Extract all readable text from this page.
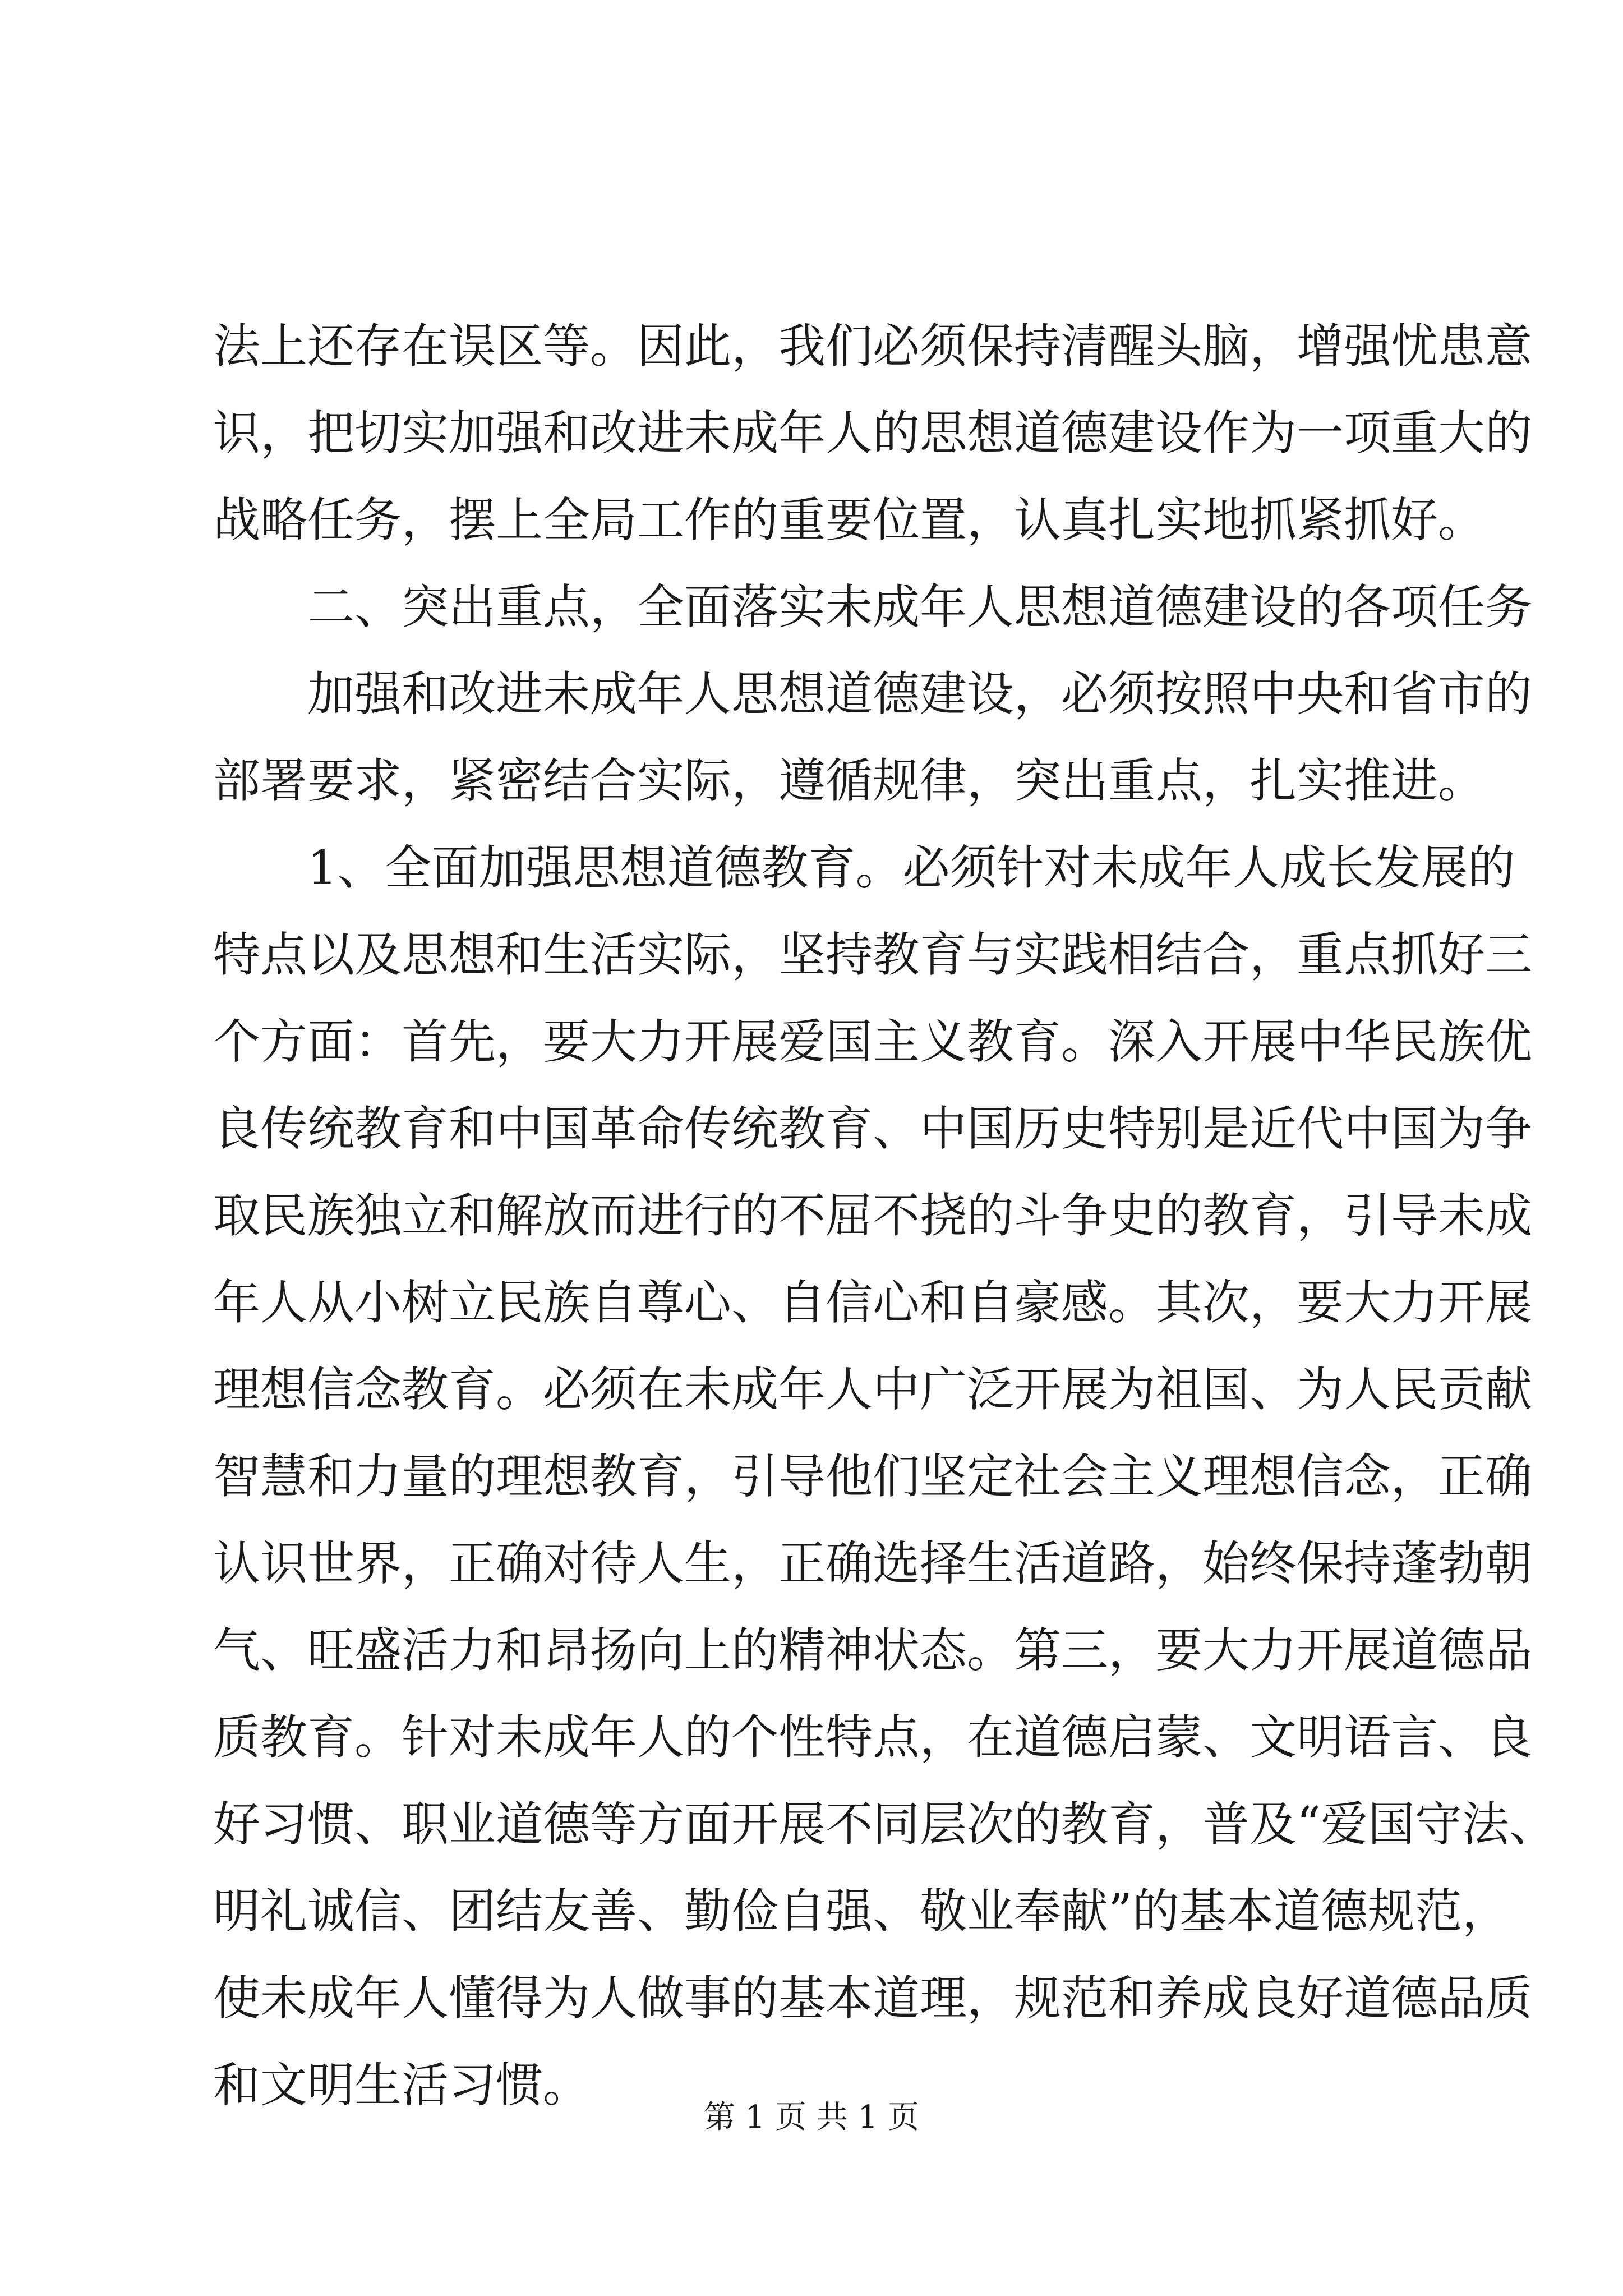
法上还存在误区等。因此，我们必须保持清醒头脑，增强忧患意
识，把切实加强和改进未成年人的思想道德建设作为一项重大的
战略任务，摆上全局工作的重要位置，认真扎实地抓紧抓好。
二、突出重点，全面落实未成年人思想道德建设的各项任务
加强和改进未成年人思想道德建设，必须按照中央和省市的
部署要求，紧密结合实际，遵循规律，突出重点，扎实推进。
1、全面加强思想道德教育。必须针对未成年人成长发展的
特点以及思想和生活实际，坚持教育与实践相结合，重点抓好三
个方面：首先，要大力开展爱国主义教育。深入开展中华民族优
良传统教育和中国革命传统教育、中国历史特别是近代中国为争
取民族独立和解放而进行的不屈不挠的斗争史的教育，引导未成
年人从小树立民族自尊心、自信心和自豪感。其次，要大力开展
理想信念教育。必须在未成年人中广泛开展为祖国、为人民贡献
智慧和力量的理想教育，引导他们坚定社会主义理想信念，正确
认识世界，正确对待人生，正确选择生活道路，始终保持蓬勃朝
气、旺盛活力和昂扬向上的精神状态。第三，要大力开展道德品
质教育。针对未成年人的个性特点，在道德启蒙、文明语言、良
好习惯、职业道德等方面开展不同层次的教育，普及“爱国守法、
明礼诚信、团结友善、勤俭自强、敬业奉献”的基本道德规范，
使未成年人懂得为人做事的基本道理，规范和养成良好道德品质
和文明生活习惯。
第 1 页 共 1 页
